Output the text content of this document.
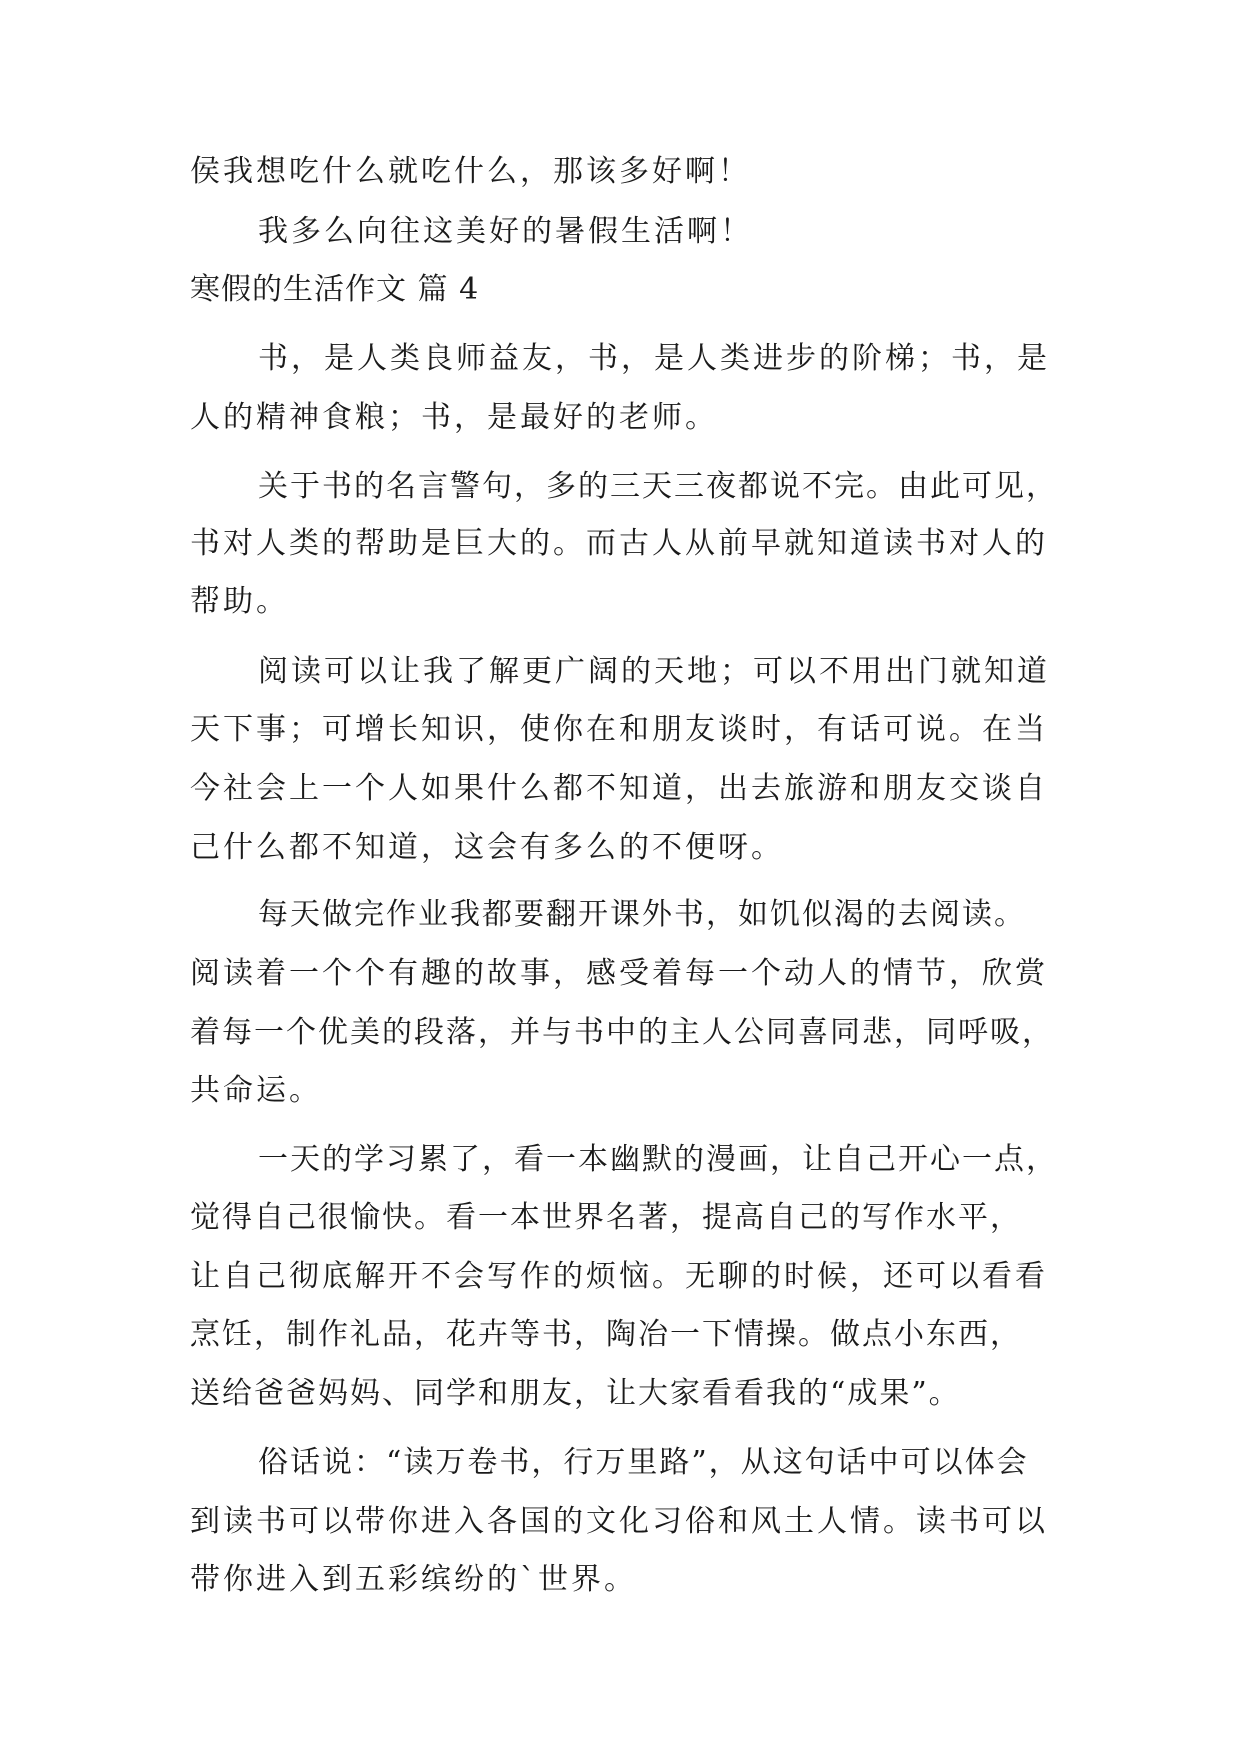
侯我想吃什么就吃什么，那该多好啊！
我多么向往这美好的暑假生活啊！
寒假的生活作文 篇 4
书，是人类良师益友，书，是人类进步的阶梯；书，是
人的精神食粮；书，是最好的老师。
关于书的名言警句，多的三天三夜都说不完。由此可见，
书对人类的帮助是巨大的。而古人从前早就知道读书对人的
帮助。
阅读可以让我了解更广阔的天地；可以不用出门就知道
天下事；可增长知识，使你在和朋友谈时，有话可说。在当
今社会上一个人如果什么都不知道，出去旅游和朋友交谈自
己什么都不知道，这会有多么的不便呀。
每天做完作业我都要翻开课外书，如饥似渴的去阅读。
阅读着一个个有趣的故事，感受着每一个动人的情节，欣赏
着每一个优美的段落，并与书中的主人公同喜同悲，同呼吸，
共命运。
一天的学习累了，看一本幽默的漫画，让自己开心一点，
觉得自己很愉快。看一本世界名著，提高自己的写作水平，
让自己彻底解开不会写作的烦恼。无聊的时候，还可以看看
烹饪，制作礼品，花卉等书，陶冶一下情操。做点小东西，
送给爸爸妈妈、同学和朋友，让大家看看我的“成果”。
俗话说：“读万卷书，行万里路”，从这句话中可以体会
到读书可以带你进入各国的文化习俗和风土人情。读书可以
带你进入到五彩缤纷的`世界。
